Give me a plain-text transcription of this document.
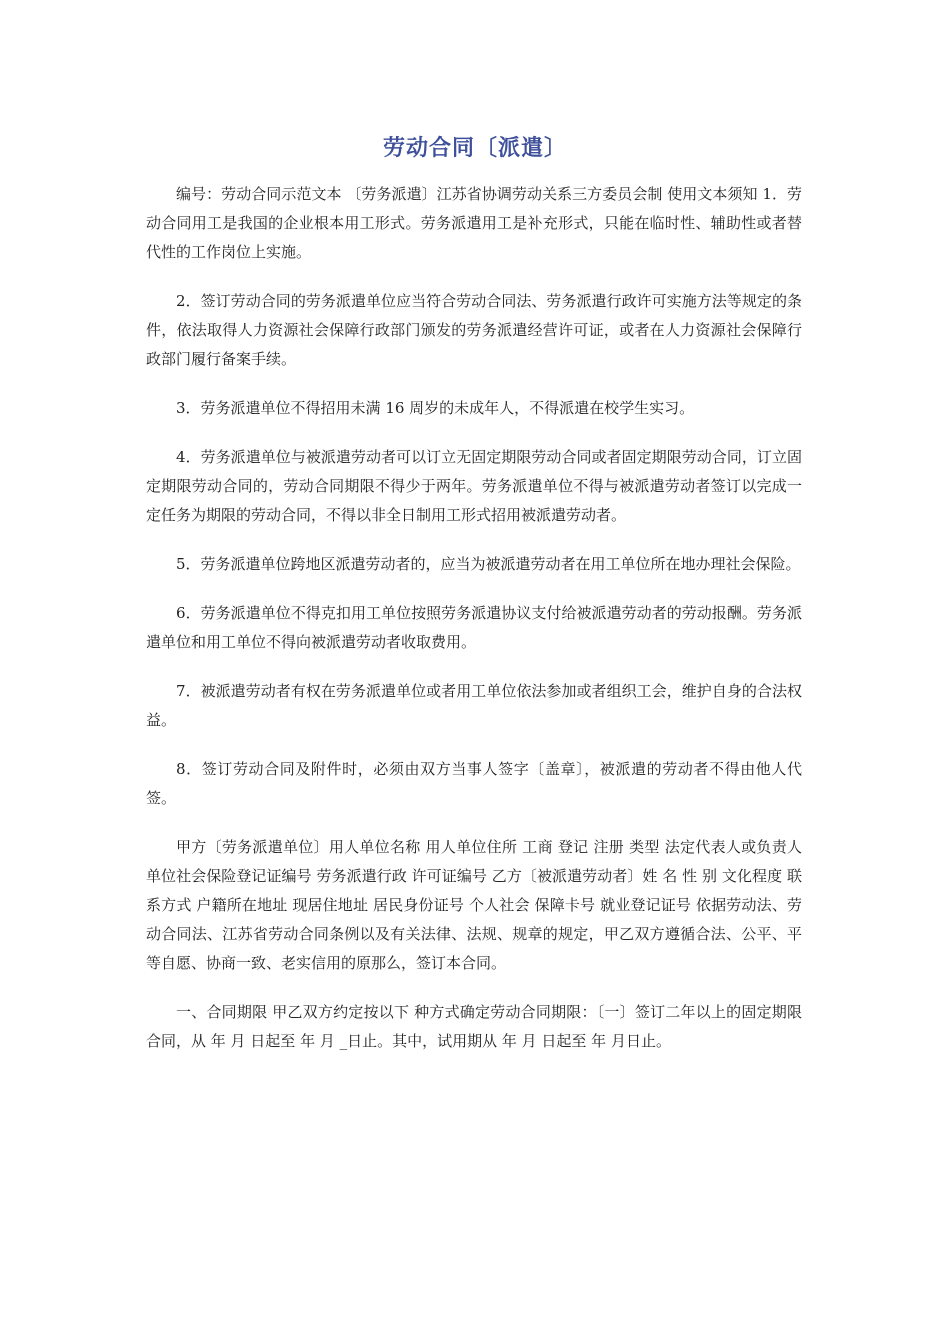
劳动合同〔派遣〕

编号：劳动合同示范文本 〔劳务派遣〕江苏省协调劳动关系三方委员会制 使用文本须知 1．劳动合同用工是我国的企业根本用工形式。劳务派遣用工是补充形式，只能在临时性、辅助性或者替代性的工作岗位上实施。

2．签订劳动合同的劳务派遣单位应当符合劳动合同法、劳务派遣行政许可实施方法等规定的条件，依法取得人力资源社会保障行政部门颁发的劳务派遣经营许可证，或者在人力资源社会保障行政部门履行备案手续。

3．劳务派遣单位不得招用未满 16 周岁的未成年人，不得派遣在校学生实习。

4．劳务派遣单位与被派遣劳动者可以订立无固定期限劳动合同或者固定期限劳动合同，订立固定期限劳动合同的，劳动合同期限不得少于两年。劳务派遣单位不得与被派遣劳动者签订以完成一定任务为期限的劳动合同，不得以非全日制用工形式招用被派遣劳动者。

5．劳务派遣单位跨地区派遣劳动者的，应当为被派遣劳动者在用工单位所在地办理社会保险。

6．劳务派遣单位不得克扣用工单位按照劳务派遣协议支付给被派遣劳动者的劳动报酬。劳务派遣单位和用工单位不得向被派遣劳动者收取费用。

7．被派遣劳动者有权在劳务派遣单位或者用工单位依法参加或者组织工会，维护自身的合法权益。

8．签订劳动合同及附件时，必须由双方当事人签字〔盖章〕，被派遣的劳动者不得由他人代签。

甲方〔劳务派遣单位〕用人单位名称 用人单位住所 工商 登记 注册 类型 法定代表人或负责人 单位社会保险登记证编号 劳务派遣行政 许可证编号 乙方〔被派遣劳动者〕姓 名 性 别 文化程度 联系方式 户籍所在地址 现居住地址 居民身份证号 个人社会 保障卡号 就业登记证号 依据劳动法、劳动合同法、江苏省劳动合同条例以及有关法律、法规、规章的规定，甲乙双方遵循合法、公平、平等自愿、协商一致、老实信用的原那么，签订本合同。

一、合同期限 甲乙双方约定按以下 种方式确定劳动合同期限：〔一〕签订二年以上的固定期限合同，从 年 月 日起至 年 月 _日止。其中，试用期从 年 月 日起至 年 月日止。
